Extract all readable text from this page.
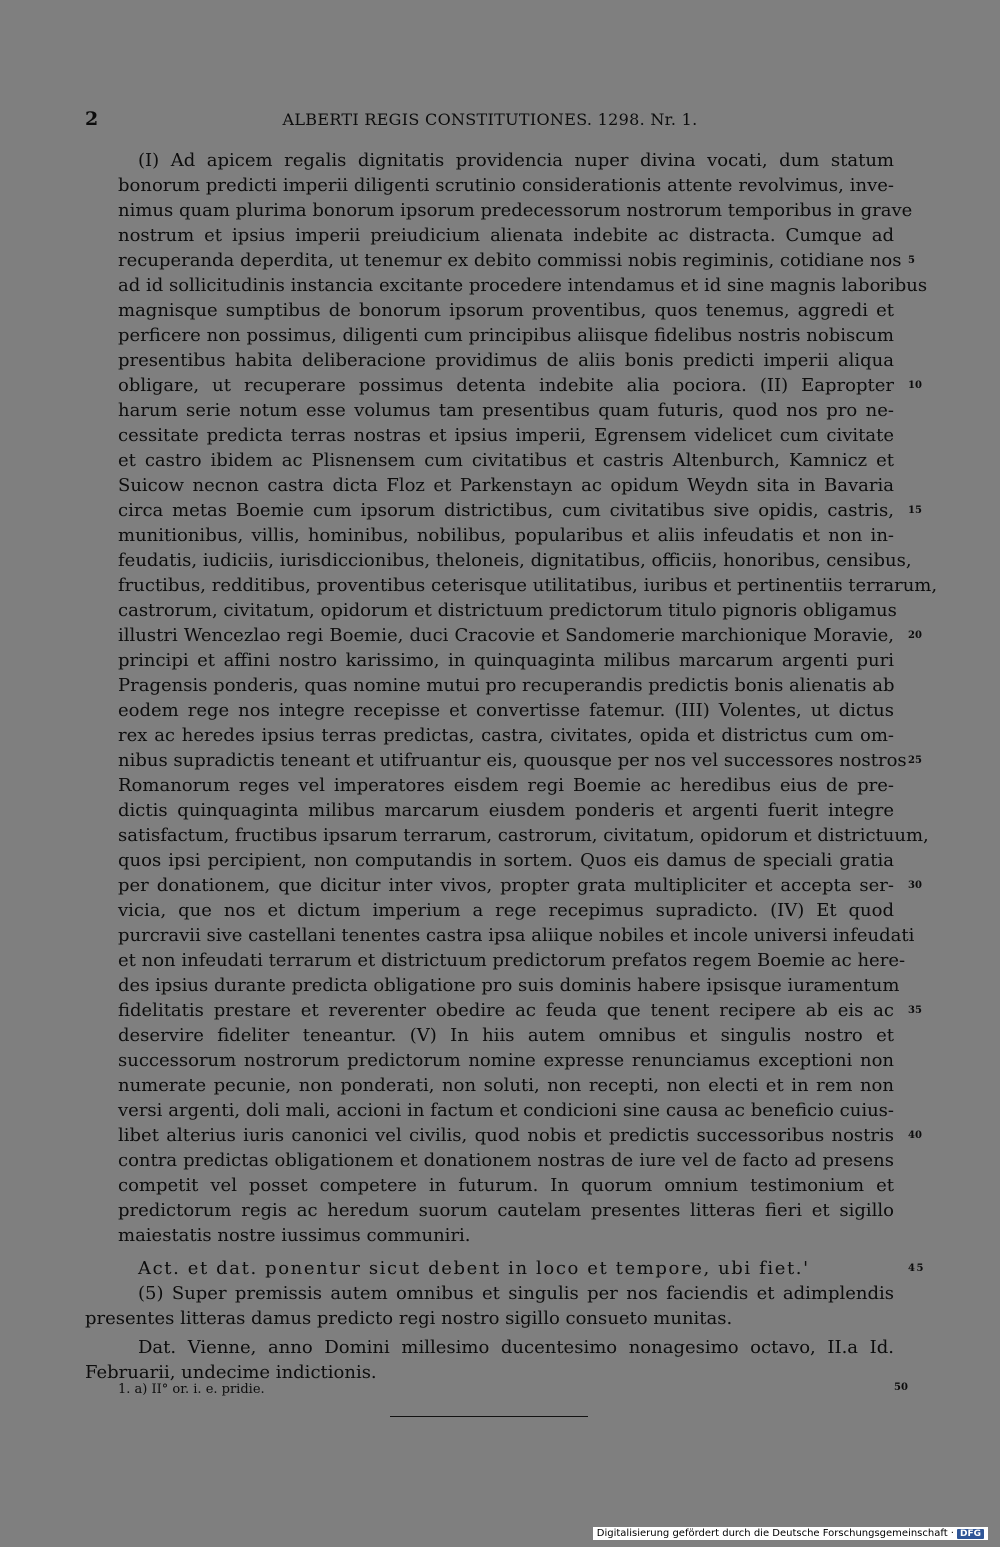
2	ALBERTI REGIS CONSTITUTIONES. 1298. Nr. 1.
(I) Ad apicem regalis dignitatis providencia nuper divina vocati, dum statum
bonorum predicti imperii diligenti scrutinio considerationis attente revolvimus, inve-
nimus quam plurima bonorum ipsorum predecessorum nostrorum temporibus in grave
nostrum et ipsius imperii preiudicium alienata indebite ac distracta. Cumque ad
recuperanda deperdita, ut tenemur ex debito commissi nobis regiminis, cotidiane nos 5
ad id sollicitudinis instancia excitante procedere intendamus et id sine magnis laboribus
magnisque sumptibus de bonorum ipsorum proventibus, quos tenemus, aggredi et
perficere non possimus, diligenti cum principibus aliisque fidelibus nostris nobiscum
presentibus habita deliberacione providimus de aliis bonis predicti imperii aliqua
obligare, ut recuperare possimus detenta indebite alia pociora. (II) Eapropter 10
harum serie notum esse volumus tam presentibus quam futuris, quod nos pro ne-
cessitate predicta terras nostras et ipsius imperii, Egrensem videlicet cum civitate
et castro ibidem ac Plisnensem cum civitatibus et castris Altenburch, Kamnicz et
Suicow necnon castra dicta Floz et Parkenstayn ac opidum Weydn sita in Bavaria
circa metas Boemie cum ipsorum districtibus, cum civitatibus sive opidis, castris, 15
munitionibus, villis, hominibus, nobilibus, popularibus et aliis infeudatis et non in-
feudatis, iudiciis, iurisdiccionibus, theloneis, dignitatibus, officiis, honoribus, censibus,
fructibus, redditibus, proventibus ceterisque utilitatibus, iuribus et pertinentiis terrarum,
castrorum, civitatum, opidorum et districtuum predictorum titulo pignoris obligamus
illustri Wencezlao regi Boemie, duci Cracovie et Sandomerie marchionique Moravie, 20
principi et affini nostro karissimo, in quinquaginta milibus marcarum argenti puri
Pragensis ponderis, quas nomine mutui pro recuperandis predictis bonis alienatis ab
eodem rege nos integre recepisse et convertisse fatemur. (III) Volentes, ut dictus
rex ac heredes ipsius terras predictas, castra, civitates, opida et districtus cum om-
nibus supradictis teneant et utifruantur eis, quousque per nos vel successores nostros 25
Romanorum reges vel imperatores eisdem regi Boemie ac heredibus eius de pre-
dictis quinquaginta milibus marcarum eiusdem ponderis et argenti fuerit integre
satisfactum, fructibus ipsarum terrarum, castrorum, civitatum, opidorum et districtuum,
quos ipsi percipient, non computandis in sortem. Quos eis damus de speciali gratia
per donationem, que dicitur inter vivos, propter grata multipliciter et accepta ser- 30
vicia, que nos et dictum imperium a rege recepimus supradicto. (IV) Et quod
purcravii sive castellani tenentes castra ipsa aliique nobiles et incole universi infeudati
et non infeudati terrarum et districtuum predictorum prefatos regem Boemie ac here-
des ipsius durante predicta obligatione pro suis dominis habere ipsisque iuramentum
fidelitatis prestare et reverenter obedire ac feuda que tenent recipere ab eis ac 35
deservire fideliter teneantur. (V) In hiis autem omnibus et singulis nostro et
successorum nostrorum predictorum nomine expresse renunciamus exceptioni non
numerate pecunie, non ponderati, non soluti, non recepti, non electi et in rem non
versi argenti, doli mali, accioni in factum et condicioni sine causa ac beneficio cuius-
libet alterius iuris canonici vel civilis, quod nobis et predictis successoribus nostris 40
contra predictas obligationem et donationem nostras de iure vel de facto ad presens
competit vel posset competere in futurum. In quorum omnium testimonium et
predictorum regis ac heredum suorum cautelam presentes litteras fieri et sigillo
maiestatis nostre iussimus communiri.
Act. et dat. ponentur sicut debent in loco et tempore, ubi fiet.'	45
(5) Super premissis autem omnibus et singulis per nos faciendis et adimplendis
presentes litteras damus predicto regi nostro sigillo consueto munitas.
Dat. Vienne, anno Domini millesimo ducentesimo nonagesimo octavo, II.a Id.
Februarii, undecime indictionis.
1. a) II° or. i. e. pridie.	50
Digitalisierung gefördert durch die Deutsche Forschungsgemeinschaft · DFG
